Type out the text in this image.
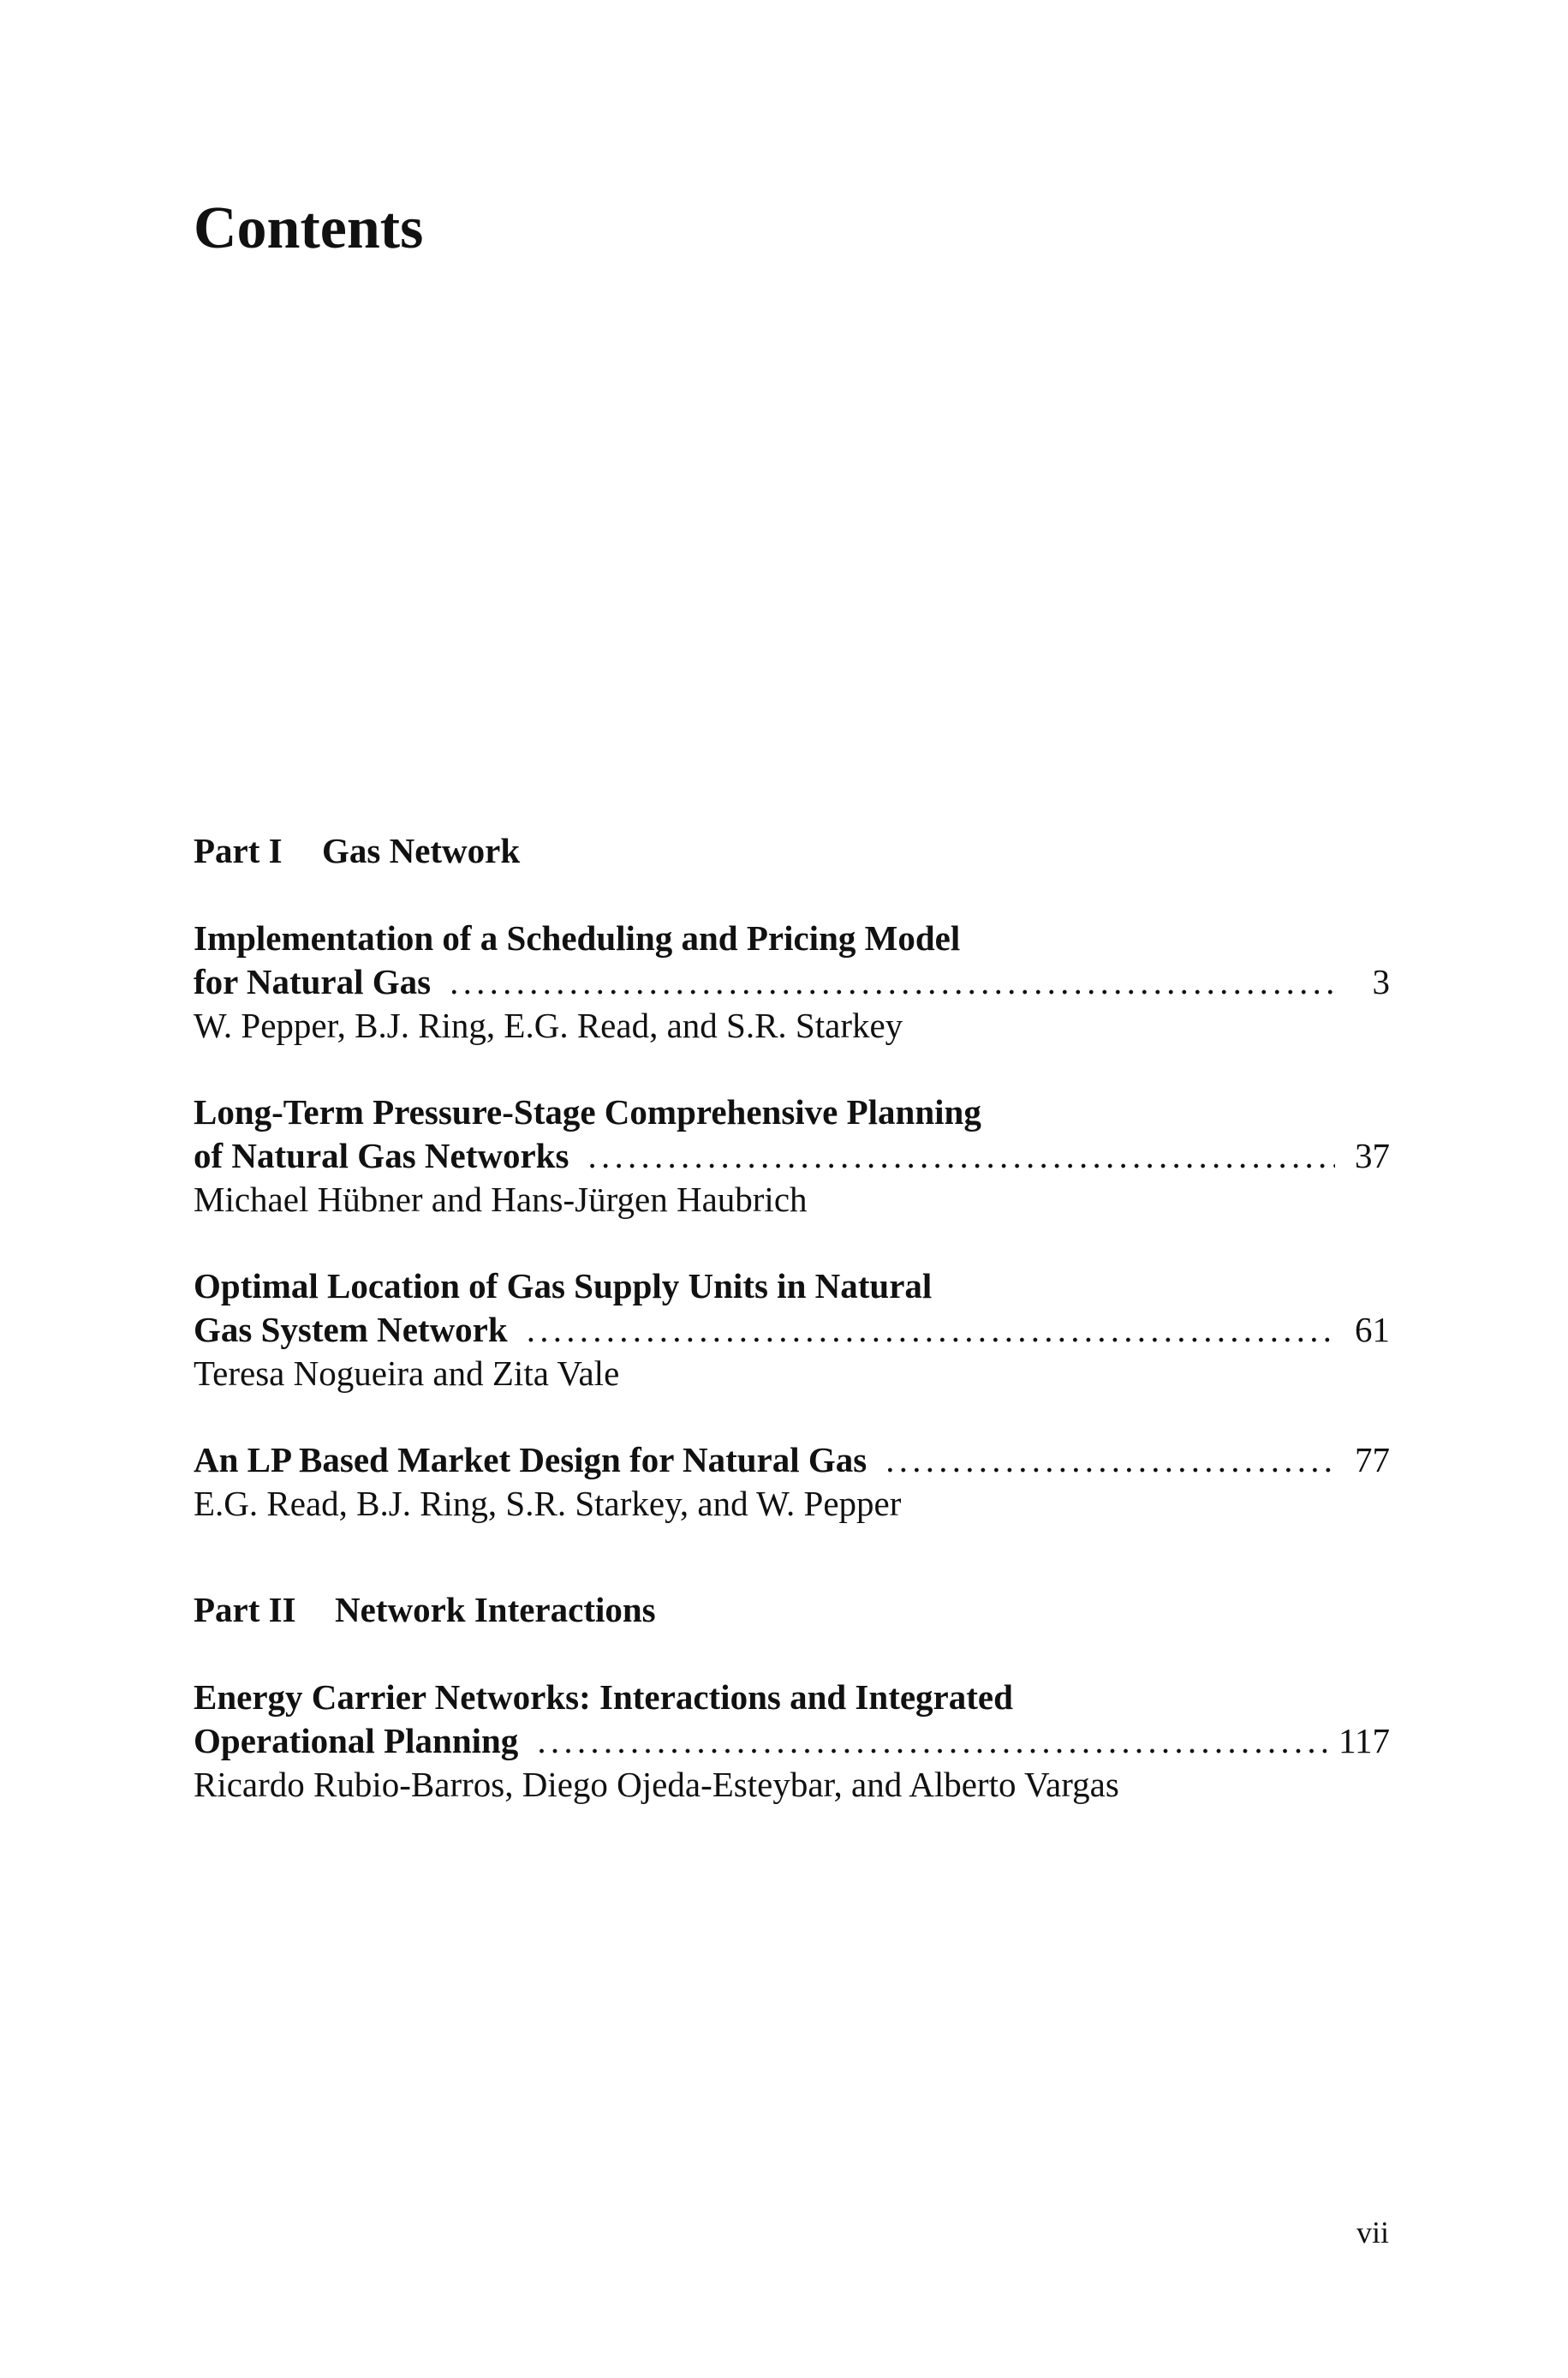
Contents
Part I Gas Network
Implementation of a Scheduling and Pricing Model
for Natural Gas . . .	3
W. Pepper, B.J. Ring, E.G. Read, and S.R. Starkey
Long-Term Pressure-Stage Comprehensive Planning
of Natural Gas Networks . . .	37
Michael Hübner and Hans-Jürgen Haubrich
Optimal Location of Gas Supply Units in Natural
Gas System Network . . .	61
Teresa Nogueira and Zita Vale
An LP Based Market Design for Natural Gas . . .	77
E.G. Read, B.J. Ring, S.R. Starkey, and W. Pepper
Part II Network Interactions
Energy Carrier Networks: Interactions and Integrated
Operational Planning . . .	117
Ricardo Rubio-Barros, Diego Ojeda-Esteybar, and Alberto Vargas
vii
